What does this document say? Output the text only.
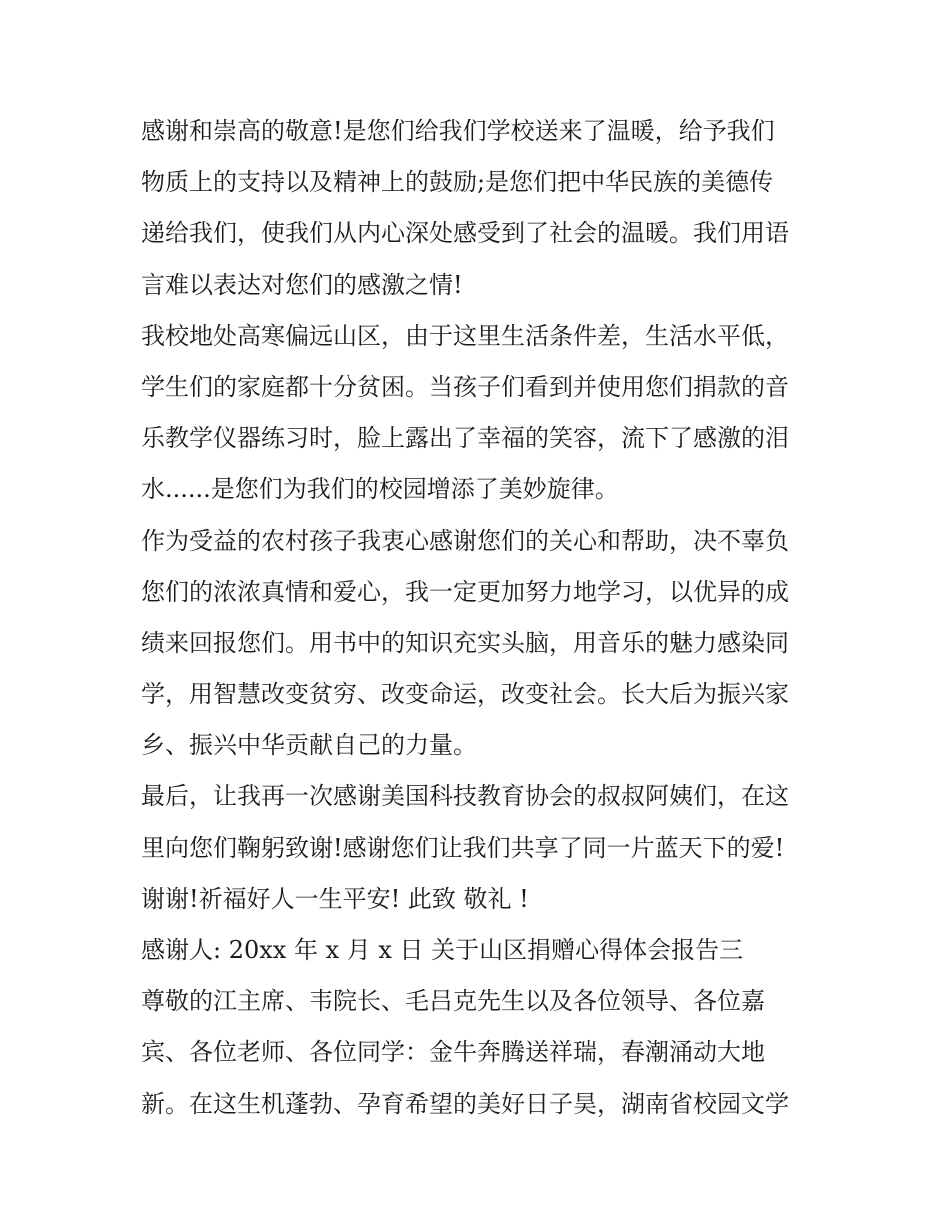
感谢和崇高的敬意!是您们给我们学校送来了温暖，给予我们
物质上的支持以及精神上的鼓励;是您们把中华民族的美德传
递给我们，使我们从内心深处感受到了社会的温暖。我们用语
言难以表达对您们的感激之情!
我校地处高寒偏远山区，由于这里生活条件差，生活水平低，
学生们的家庭都十分贫困。当孩子们看到并使用您们捐款的音
乐教学仪器练习时，脸上露出了幸福的笑容，流下了感激的泪
水......是您们为我们的校园增添了美妙旋律。
作为受益的农村孩子我衷心感谢您们的关心和帮助，决不辜负
您们的浓浓真情和爱心，我一定更加努力地学习，以优异的成
绩来回报您们。用书中的知识充实头脑，用音乐的魅力感染同
学，用智慧改变贫穷、改变命运，改变社会。长大后为振兴家
乡、振兴中华贡献自己的力量。
最后，让我再一次感谢美国科技教育协会的叔叔阿姨们，在这
里向您们鞠躬致谢!感谢您们让我们共享了同一片蓝天下的爱!
谢谢!祈福好人一生平安! 此致 敬礼 !
感谢人: 20xx 年 x 月 x 日 关于山区捐赠心得体会报告三
尊敬的江主席、韦院长、毛吕克先生以及各位领导、各位嘉
宾、各位老师、各位同学：金牛奔腾送祥瑞，春潮涌动大地
新。在这生机蓬勃、孕育希望的美好日子昊，湖南省校园文学
